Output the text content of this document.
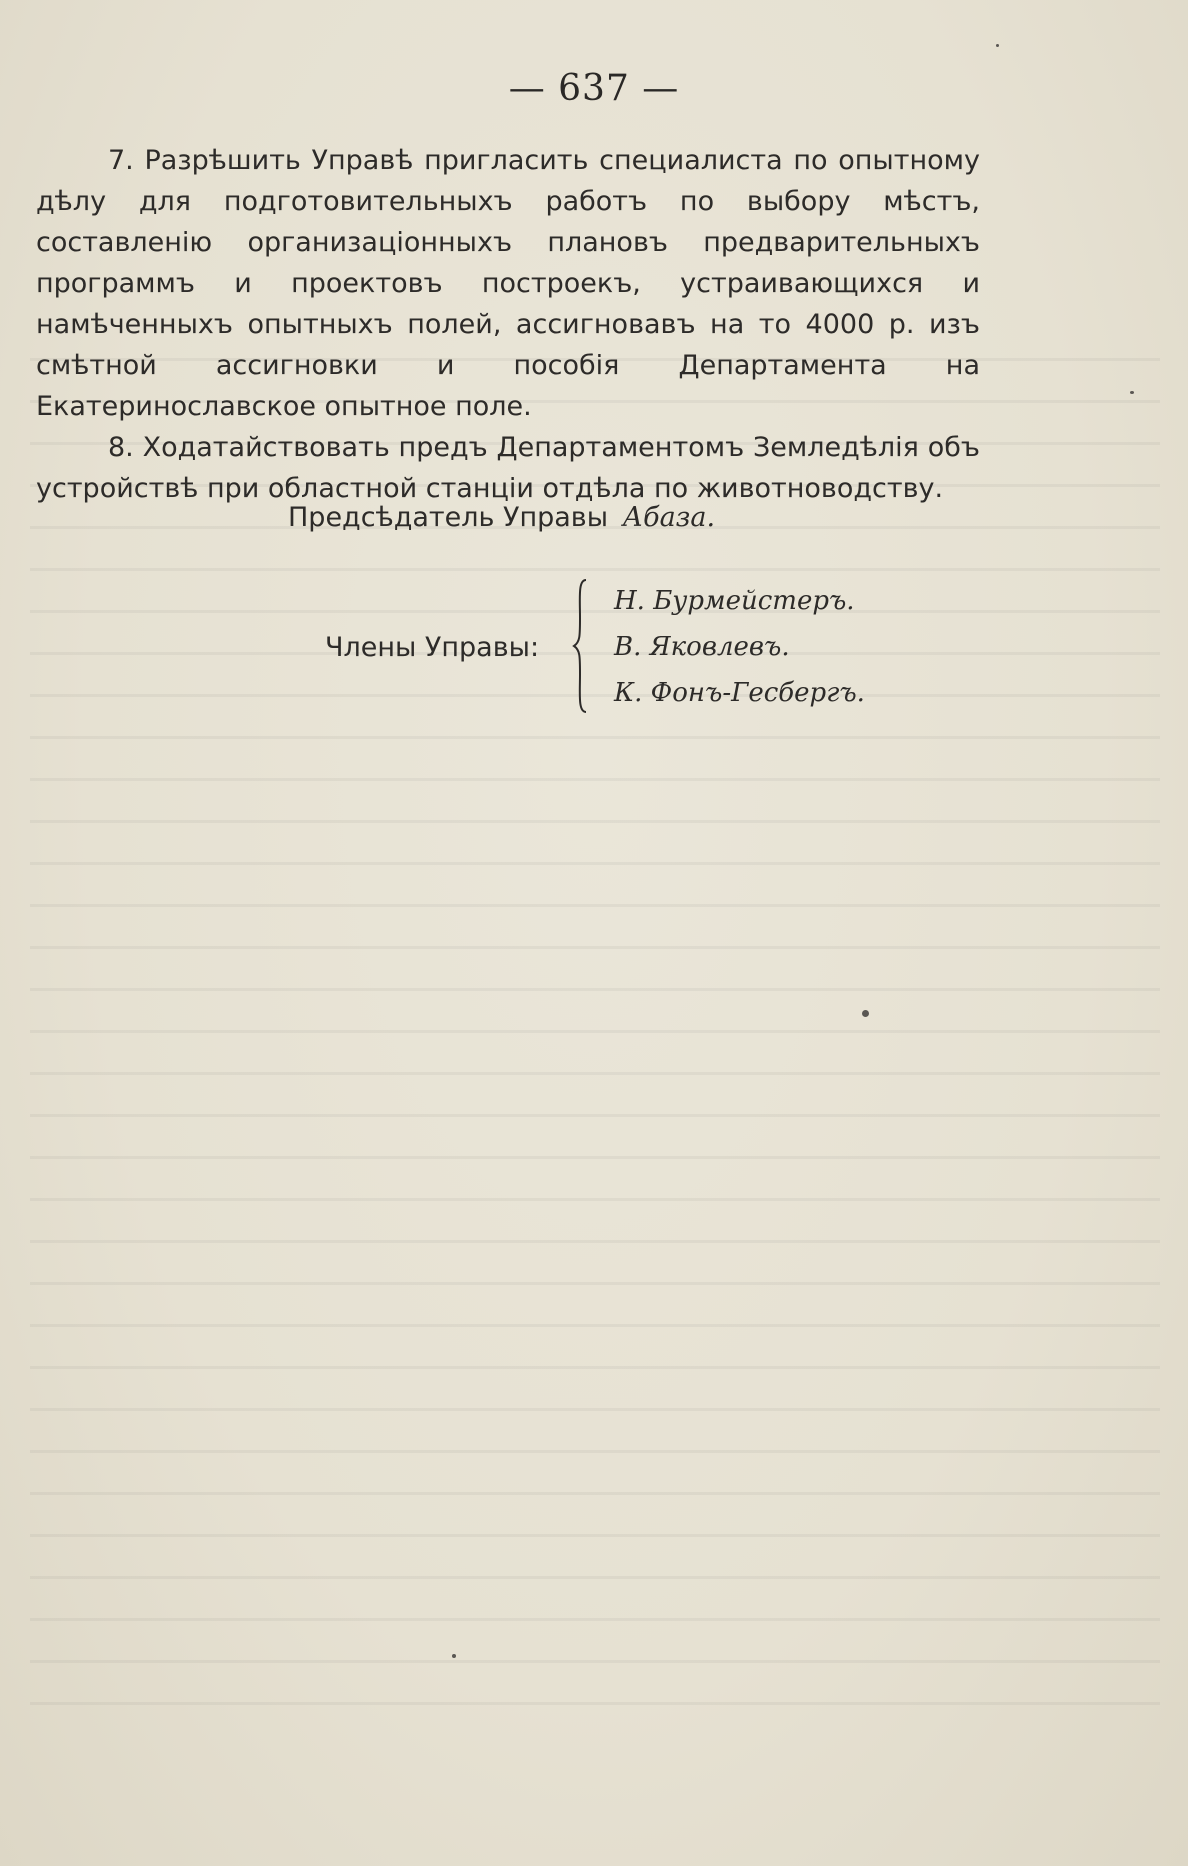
— 637 —

7. Разрѣшить Управѣ пригласить специалиста по опытному дѣлу для подготовительныхъ работъ по выбору мѣстъ, составленію организаціонныхъ плановъ предварительныхъ программъ и проектовъ построекъ, устраивающихся и намѣченныхъ опытныхъ полей, ассигновавъ на то 4000 р. изъ смѣтной ассигновки и пособія Департамента на Екатеринославское опытное поле.

8. Ходатайствовать предъ Департаментомъ Земледѣлія объ устройствѣ при областной станціи отдѣла по животноводству.

Предсѣдатель Управы Абаза.
Члены Управы:
Н. Бурмейстеръ.
В. Яковлевъ.
К. Фонъ-Гесбергъ.
